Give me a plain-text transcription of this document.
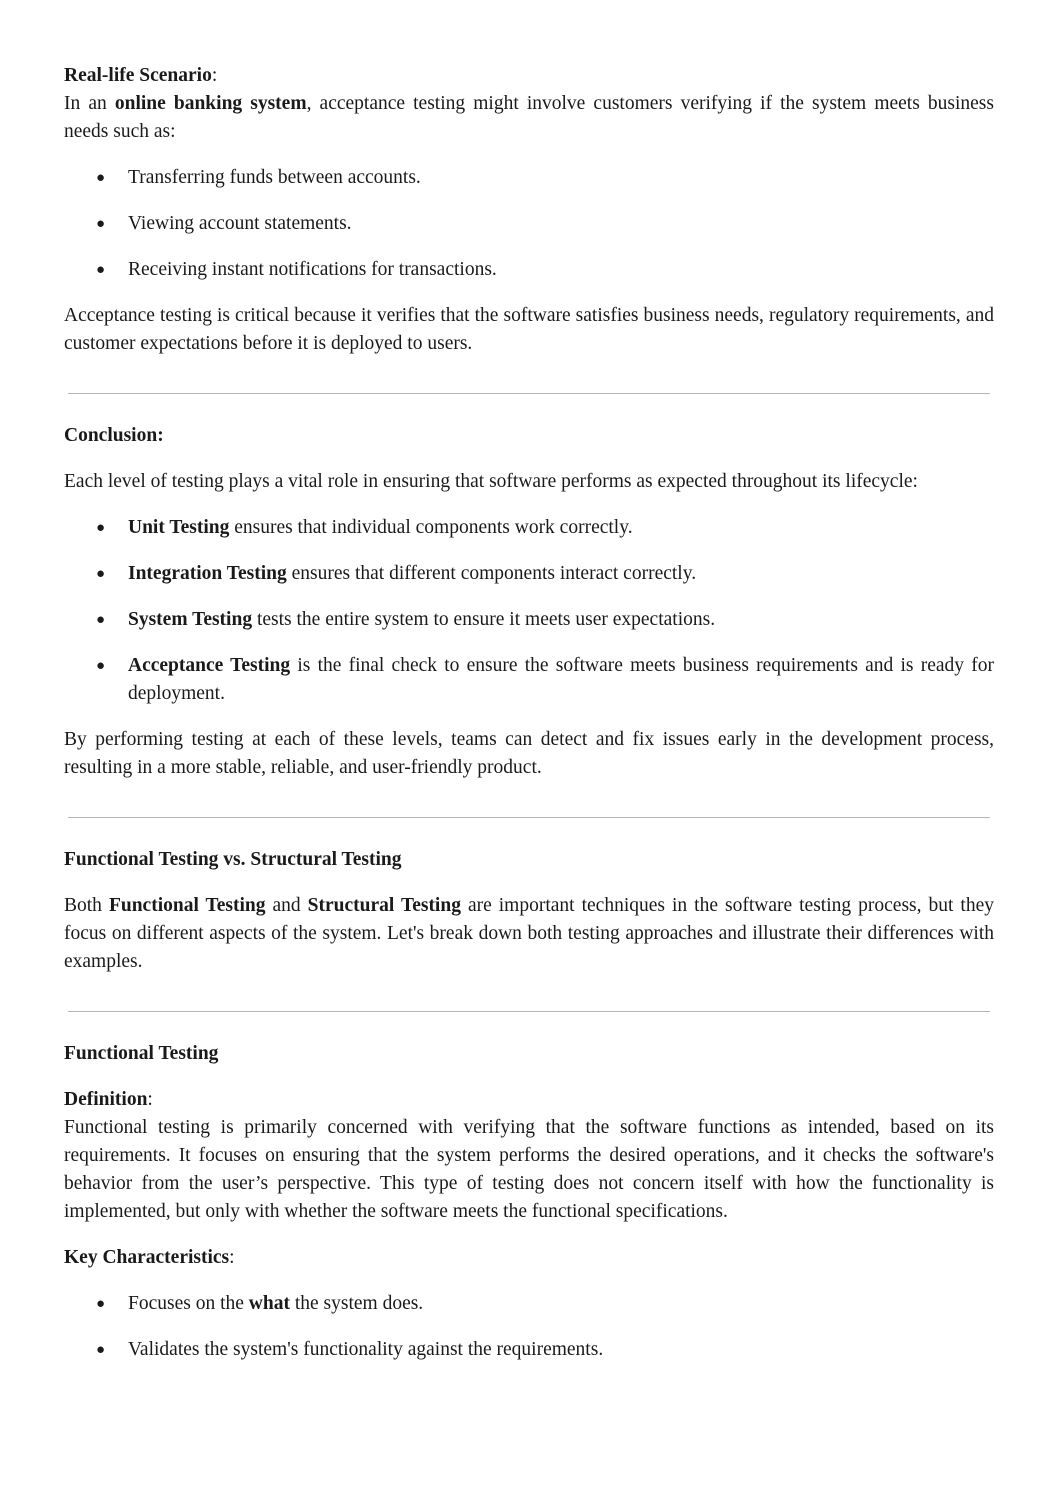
Real-life Scenario:

In an online banking system, acceptance testing might involve customers verifying if the system meets business needs such as:

● Transferring funds between accounts.
● Viewing account statements.
● Receiving instant notifications for transactions.

Acceptance testing is critical because it verifies that the software satisfies business needs, regulatory requirements, and customer expectations before it is deployed to users.

Conclusion:

Each level of testing plays a vital role in ensuring that software performs as expected throughout its lifecycle:

● Unit Testing ensures that individual components work correctly.
● Integration Testing ensures that different components interact correctly.
● System Testing tests the entire system to ensure it meets user expectations.
● Acceptance Testing is the final check to ensure the software meets business requirements and is ready for deployment.

By performing testing at each of these levels, teams can detect and fix issues early in the development process, resulting in a more stable, reliable, and user-friendly product.

Functional Testing vs. Structural Testing

Both Functional Testing and Structural Testing are important techniques in the software testing process, but they focus on different aspects of the system. Let's break down both testing approaches and illustrate their differences with examples.

Functional Testing

Definition:

Functional testing is primarily concerned with verifying that the software functions as intended, based on its requirements. It focuses on ensuring that the system performs the desired operations, and it checks the software's behavior from the user’s perspective. This type of testing does not concern itself with how the functionality is implemented, but only with whether the software meets the functional specifications.

Key Characteristics:

● Focuses on the what the system does.
● Validates the system's functionality against the requirements.
